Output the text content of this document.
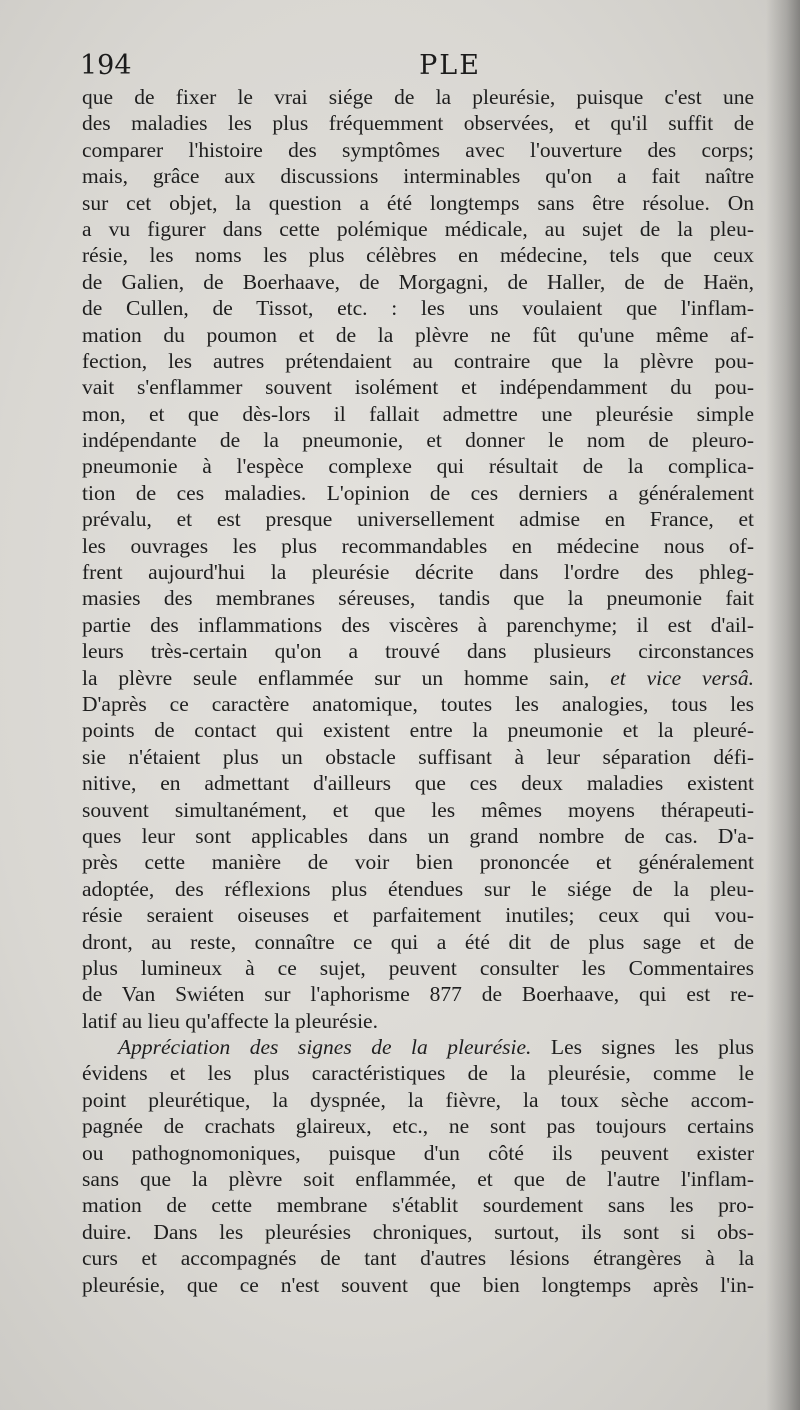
194	PLE
que de fixer le vrai siége de la pleurésie, puisque c'est une
des maladies les plus fréquemment observées, et qu'il suffit de
comparer l'histoire des symptômes avec l'ouverture des corps;
mais, grâce aux discussions interminables qu'on a fait naître
sur cet objet, la question a été longtemps sans être résolue. On
a vu figurer dans cette polémique médicale, au sujet de la pleu-
résie, les noms les plus célèbres en médecine, tels que ceux
de Galien, de Boerhaave, de Morgagni, de Haller, de de Haën,
de Cullen, de Tissot, etc. : les uns voulaient que l'inflam-
mation du poumon et de la plèvre ne fût qu'une même af-
fection, les autres prétendaient au contraire que la plèvre pou-
vait s'enflammer souvent isolément et indépendamment du pou-
mon, et que dès-lors il fallait admettre une pleurésie simple
indépendante de la pneumonie, et donner le nom de pleuro-
pneumonie à l'espèce complexe qui résultait de la complica-
tion de ces maladies. L'opinion de ces derniers a généralement
prévalu, et est presque universellement admise en France, et
les ouvrages les plus recommandables en médecine nous of-
frent aujourd'hui la pleurésie décrite dans l'ordre des phleg-
masies des membranes séreuses, tandis que la pneumonie fait
partie des inflammations des viscères à parenchyme; il est d'ail-
leurs très-certain qu'on a trouvé dans plusieurs circonstances
la plèvre seule enflammée sur un homme sain, et vice versâ.
D'après ce caractère anatomique, toutes les analogies, tous les
points de contact qui existent entre la pneumonie et la pleuré-
sie n'étaient plus un obstacle suffisant à leur séparation défi-
nitive, en admettant d'ailleurs que ces deux maladies existent
souvent simultanément, et que les mêmes moyens thérapeuti-
ques leur sont applicables dans un grand nombre de cas. D'a-
près cette manière de voir bien prononcée et généralement
adoptée, des réflexions plus étendues sur le siége de la pleu-
résie seraient oiseuses et parfaitement inutiles; ceux qui vou-
dront, au reste, connaître ce qui a été dit de plus sage et de
plus lumineux à ce sujet, peuvent consulter les Commentaires
de Van Swiéten sur l'aphorisme 877 de Boerhaave, qui est re-
latif au lieu qu'affecte la pleurésie.
Appréciation des signes de la pleurésie. Les signes les plus
évidens et les plus caractéristiques de la pleurésie, comme le
point pleurétique, la dyspnée, la fièvre, la toux sèche accom-
pagnée de crachats glaireux, etc., ne sont pas toujours certains
ou pathognomoniques, puisque d'un côté ils peuvent exister
sans que la plèvre soit enflammée, et que de l'autre l'inflam-
mation de cette membrane s'établit sourdement sans les pro-
duire. Dans les pleurésies chroniques, surtout, ils sont si obs-
curs et accompagnés de tant d'autres lésions étrangères à la
pleurésie, que ce n'est souvent que bien longtemps après l'in-
